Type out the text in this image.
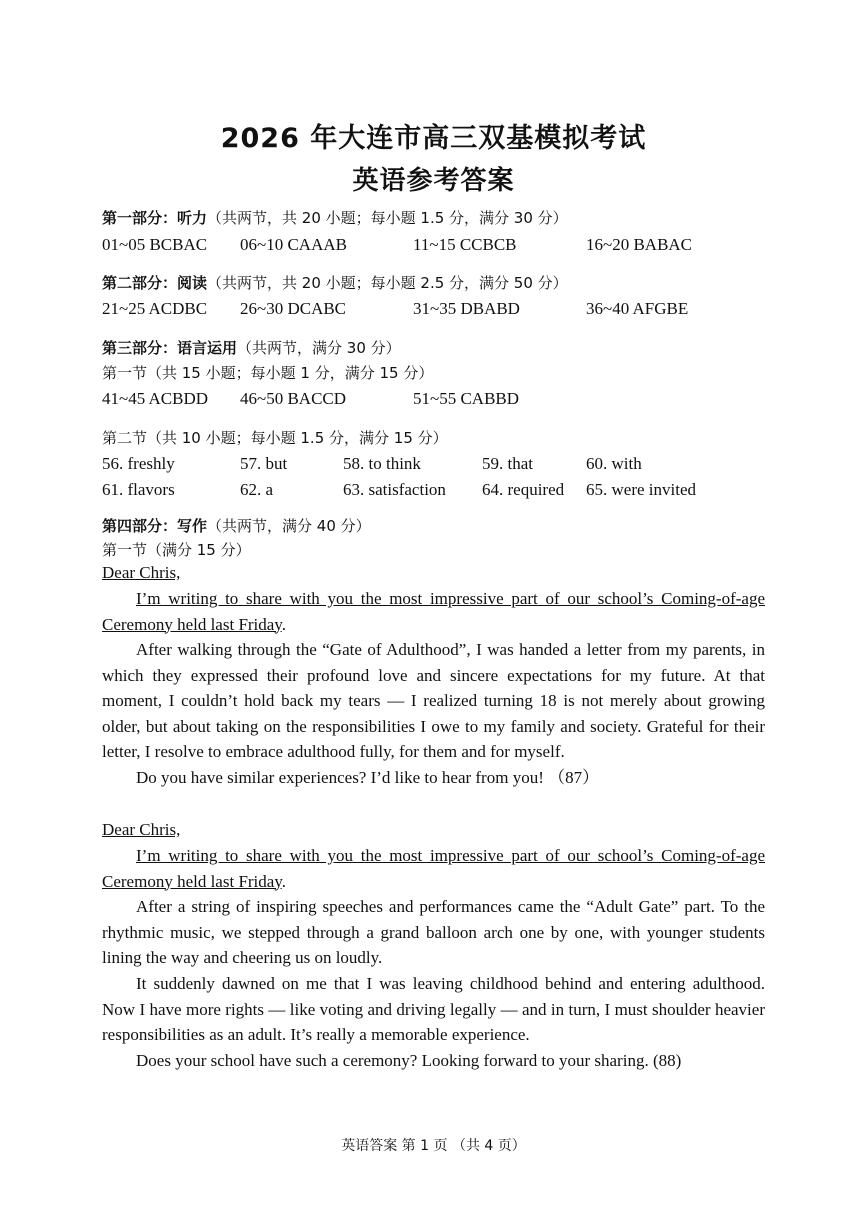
2026 年大连市高三双基模拟考试
英语参考答案
第一部分：听力（共两节，共 20 小题；每小题 1.5 分，满分 30 分）
01~05 BCBAC 06~10 CAAAB	11~15 CCBCB	16~20 BABAC
第二部分：阅读（共两节，共 20 小题；每小题 2.5 分，满分 50 分）
21~25 ACDBC 26~30 DCABC	31~35 DBABD	36~40 AFGBE
第三部分：语言运用（共两节，满分 30 分）
第一节（共 15 小题；每小题 1 分，满分 15 分）
41~45 ACBDD 46~50 BACCD	51~55 CABBD
第二节（共 10 小题；每小题 1.5 分，满分 15 分）
56. freshly	57. but	58. to think	59. that	60. with
61. flavors	62. a	63. satisfaction 64. required 65. were invited
第四部分：写作（共两节，满分 40 分）
第一节（满分 15 分）
Dear Chris,
I’m writing to share with you the most impressive part of our school’s Coming-of-age Ceremony held last Friday.
After walking through the “Gate of Adulthood”, I was handed a letter from my parents, in which they expressed their profound love and sincere expectations for my future. At that moment, I couldn’t hold back my tears — I realized turning 18 is not merely about growing older, but about taking on the responsibilities I owe to my family and society. Grateful for their letter, I resolve to embrace adulthood fully, for them and for myself.
Do you have similar experiences? I’d like to hear from you! （87）
Dear Chris,
I’m writing to share with you the most impressive part of our school’s Coming-of-age Ceremony held last Friday.
After a string of inspiring speeches and performances came the “Adult Gate” part. To the rhythmic music, we stepped through a grand balloon arch one by one, with younger students lining the way and cheering us on loudly.
It suddenly dawned on me that I was leaving childhood behind and entering adulthood. Now I have more rights — like voting and driving legally — and in turn, I must shoulder heavier responsibilities as an adult. It’s really a memorable experience.
Does your school have such a ceremony? Looking forward to your sharing. (88)
英语答案 第 1 页 （共 4 页）
